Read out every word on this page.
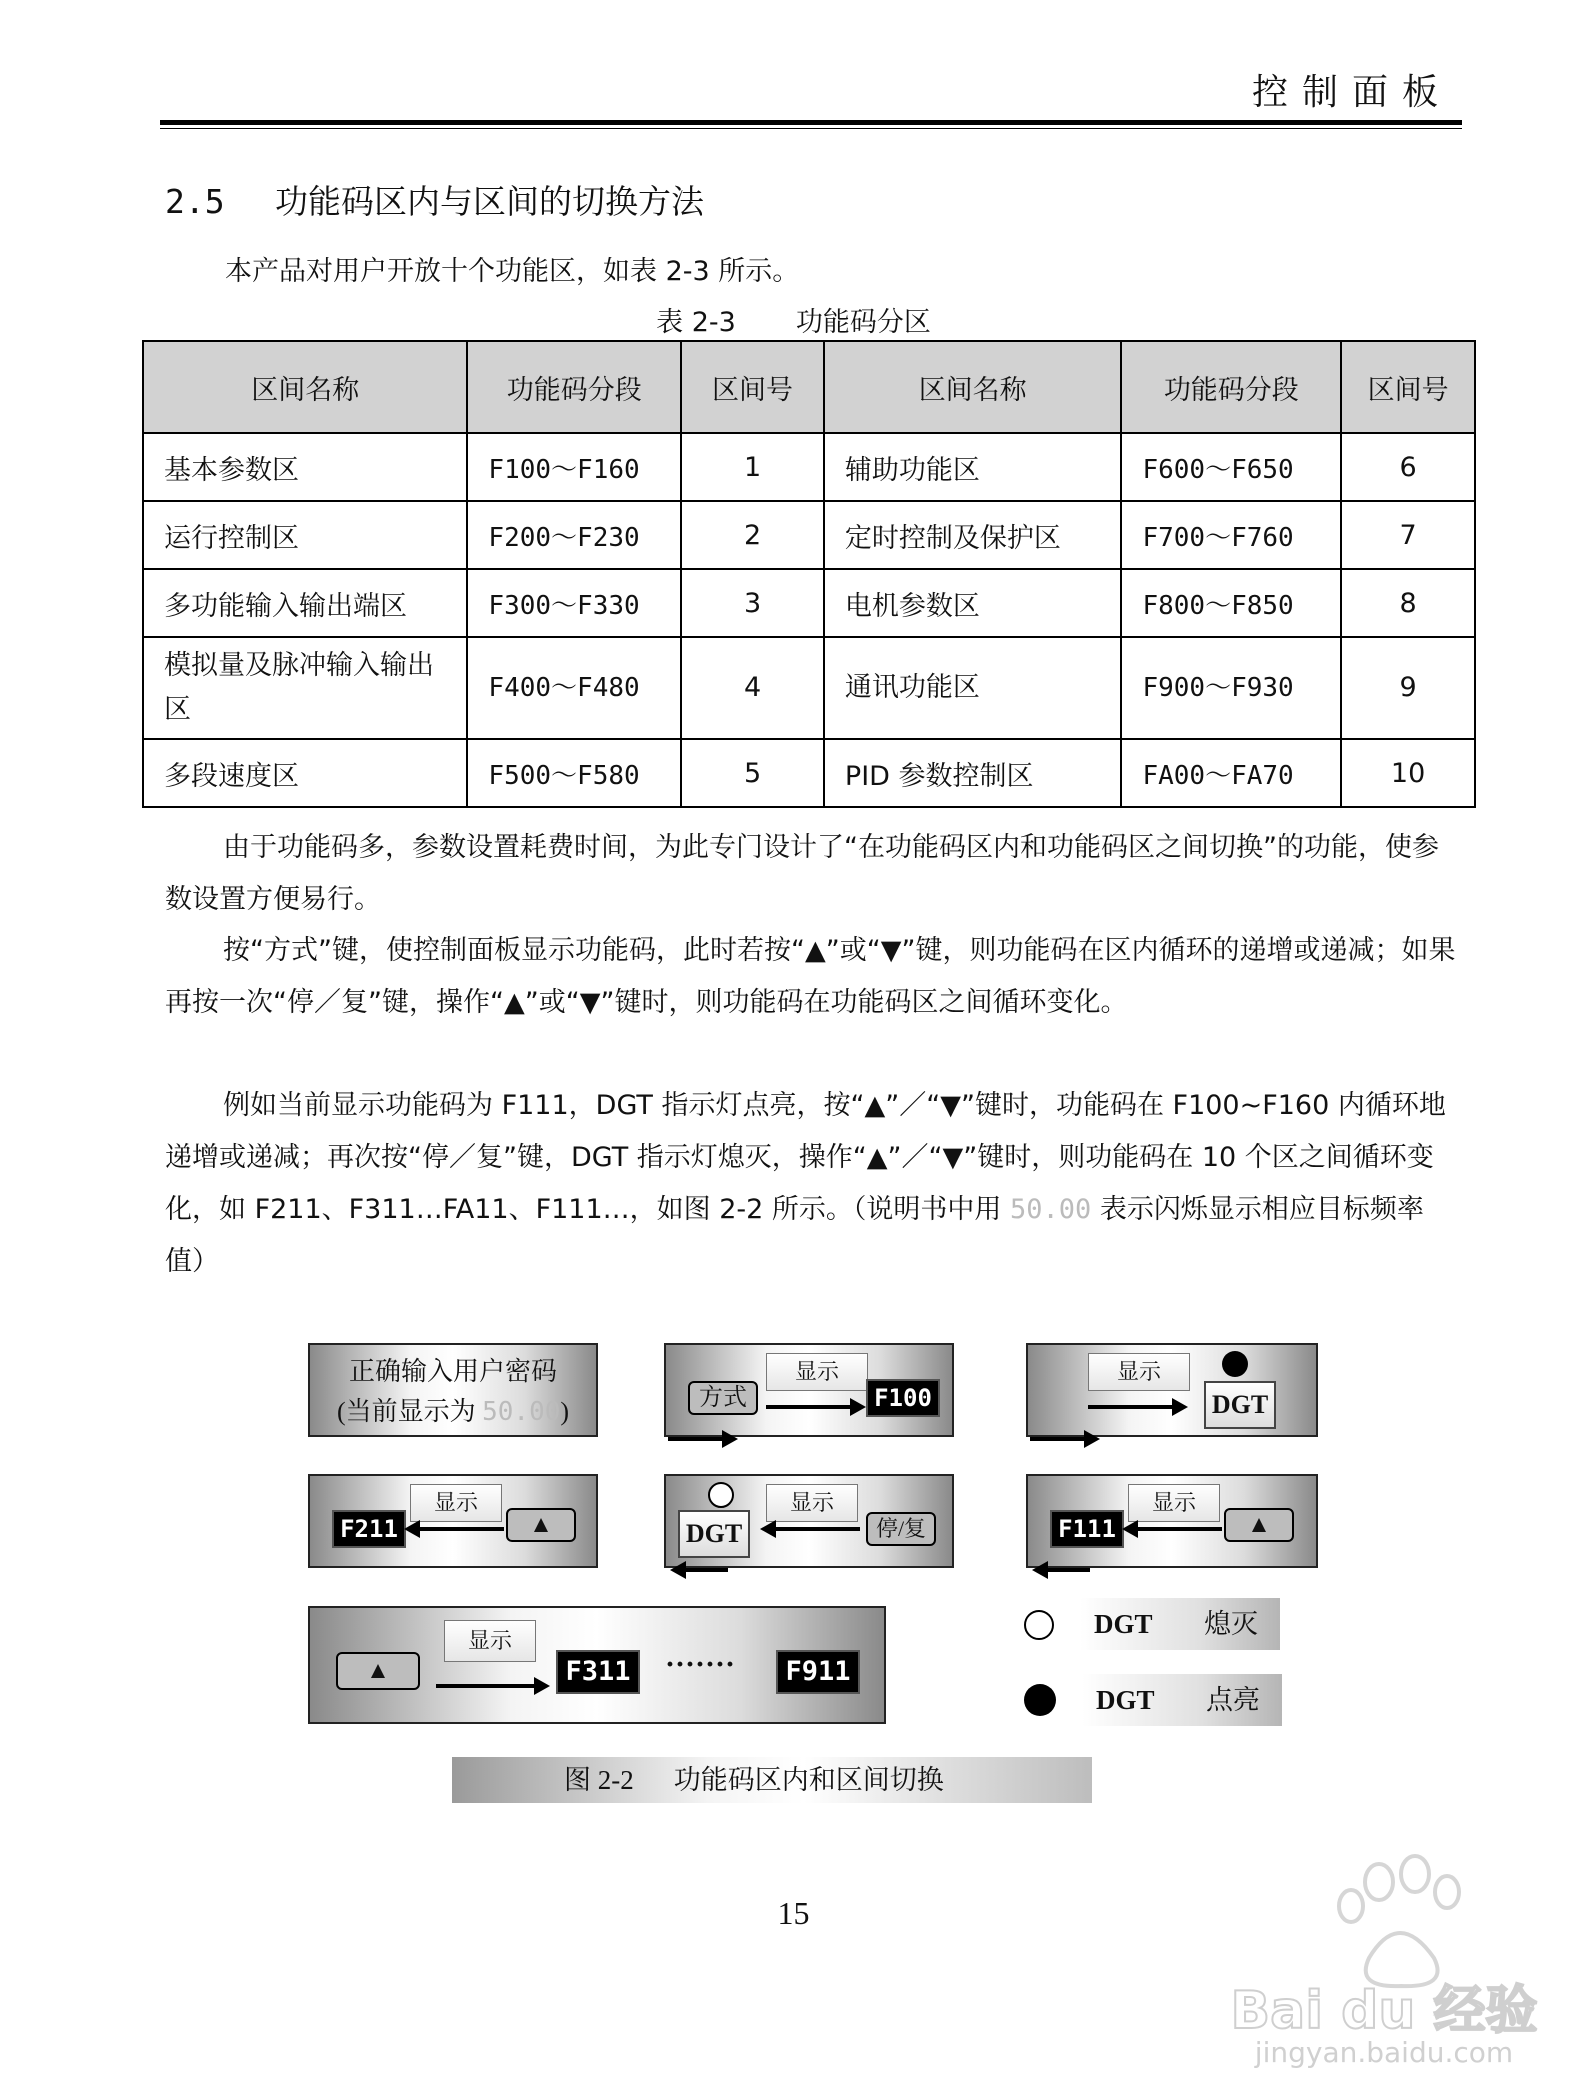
控制面板
2.5 功能码区内与区间的切换方法
本产品对用户开放十个功能区，如表 2-3 所示。
表 2-3 功能码分区
区间名称	功能码分段	区间号	区间名称	功能码分段	区间号
基本参数区	F100～F160	1	辅助功能区	F600～F650	6
运行控制区	F200～F230	2	定时控制及保护区	F700～F760	7
多功能输入输出端区	F300～F330	3	电机参数区	F800～F850	8
模拟量及脉冲输入输出区	F400～F480	4	通讯功能区	F900～F930	9
多段速度区	F500～F580	5	PID 参数控制区	FA00～FA70	10
由于功能码多，参数设置耗费时间，为此专门设计了“在功能码区内和功能码区之间切换”的功能，使参数设置方便易行。
按“方式”键，使控制面板显示功能码，此时若按“▲”或“▼”键，则功能码在区内循环的递增或递减；如果再按一次“停／复”键，操作“▲”或“▼”键时，则功能码在功能码区之间循环变化。
例如当前显示功能码为 F111，DGT 指示灯点亮，按“▲”／“▼”键时，功能码在 F100~F160 内循环地递增或递减；再次按“停／复”键，DGT 指示灯熄灭，操作“▲”／“▼”键时，则功能码在 10 个区之间循环变化，如 F211、F311…FA11、F111…，如图 2-2 所示。（说明书中用 50.00 表示闪烁显示相应目标频率值）
正确输入用户密码
(当前显示为 50.00)	方式
显示
F100
显示
DGT
F211
显示
▲	DGT
显示
停/复	F111
显示
▲
▲
显示
F311	·······	F911
DGT 熄灭
DGT 点亮
图 2-2 功能码区内和区间切换
15
Bai du 经验
jingyan.baidu.com
